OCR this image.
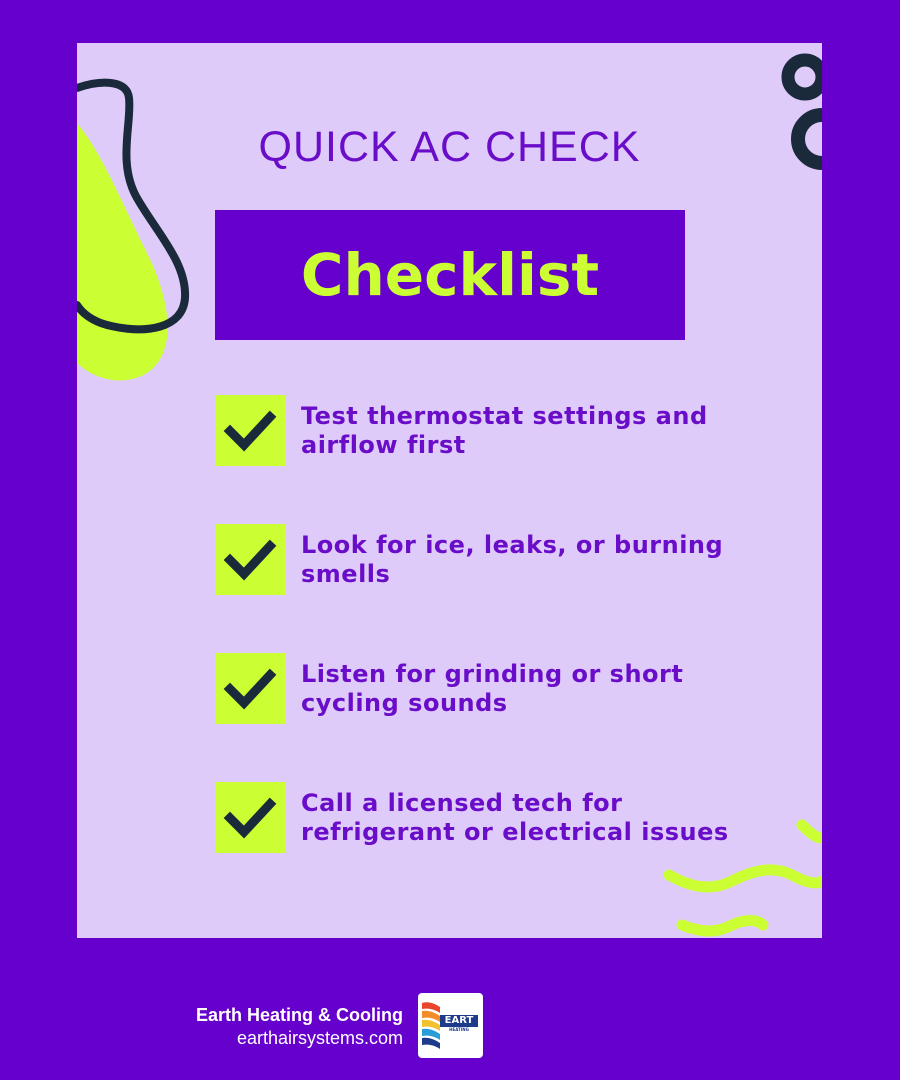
QUICK AC CHECK
Checklist
Test thermostat settings and airflow first
Look for ice, leaks, or burning smells
Listen for grinding or short cycling sounds
Call a licensed tech for refrigerant or electrical issues
Earth Heating & Cooling
earthairsystems.com
EART
HEATING
